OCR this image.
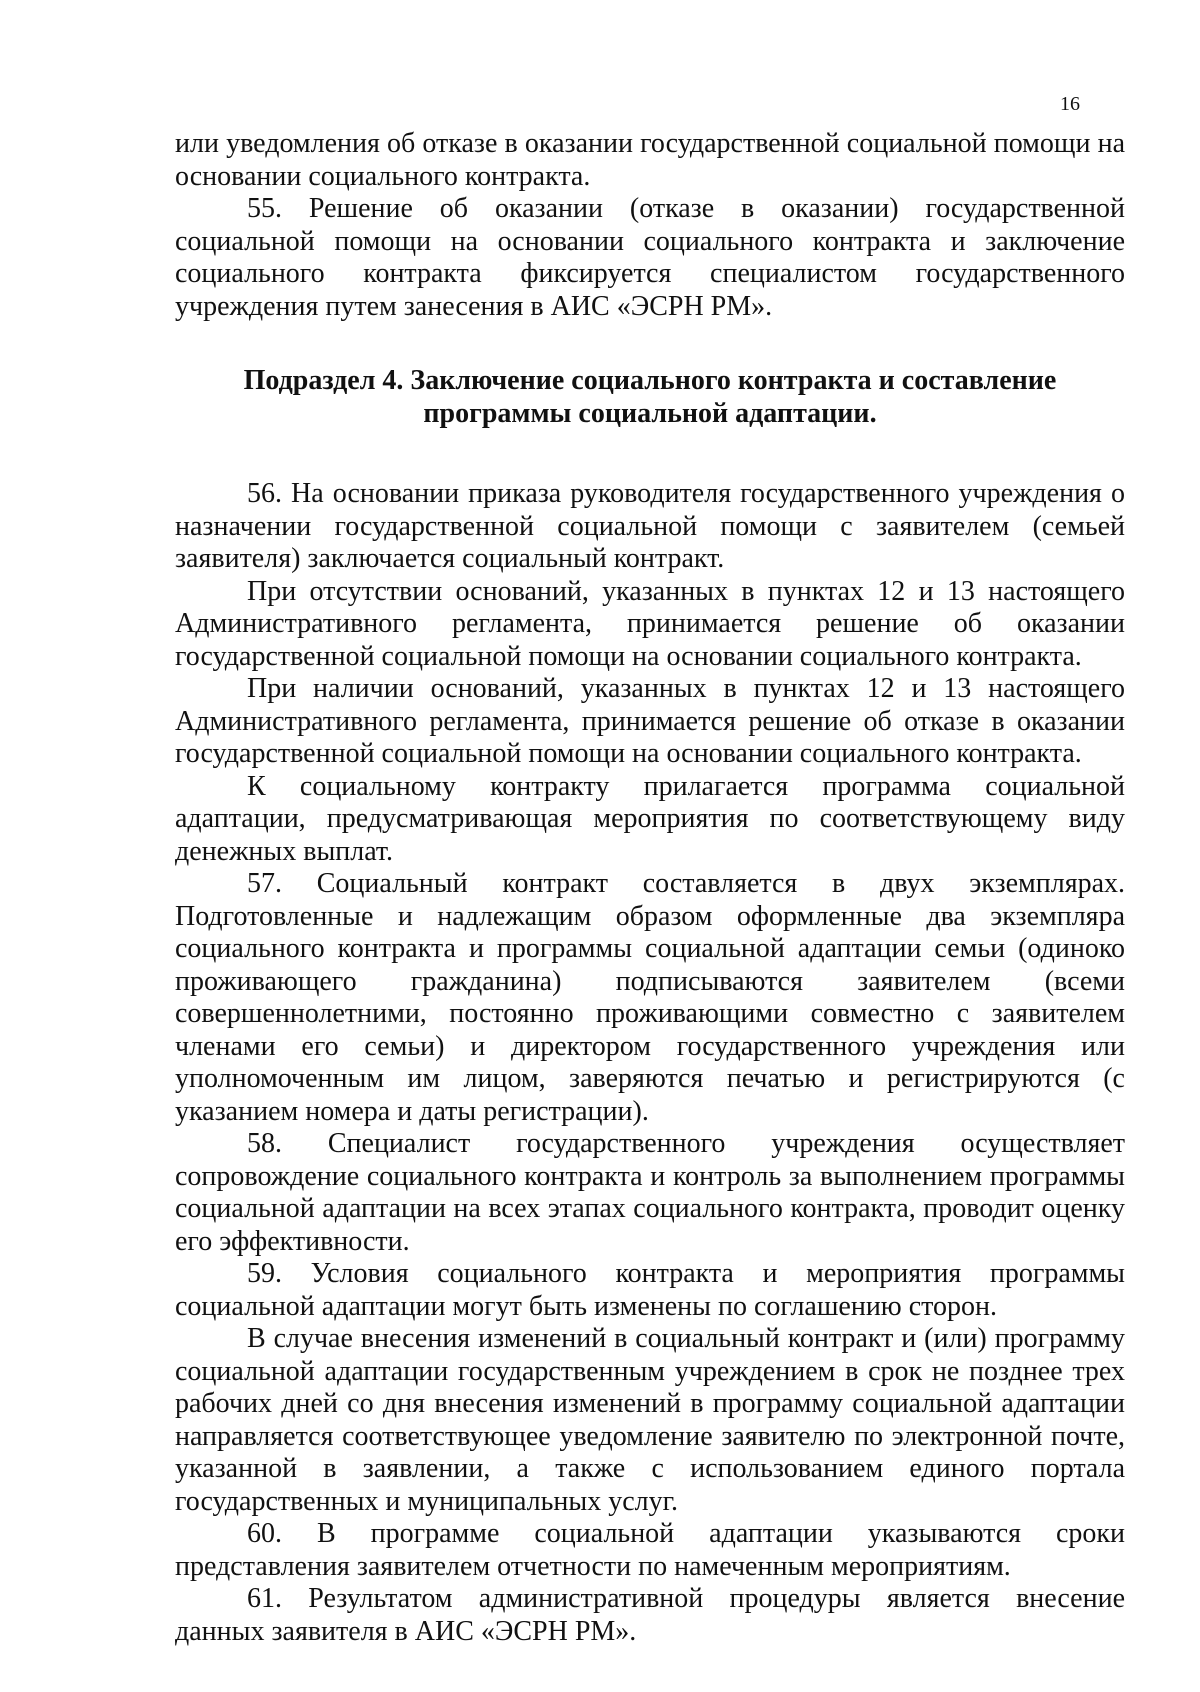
16

или уведомления об отказе в оказании государственной социальной помощи на основании социального контракта.

55. Решение об оказании (отказе в оказании) государственной социальной помощи на основании социального контракта и заключение социального контракта фиксируется специалистом государственного учреждения путем занесения в АИС «ЭСРН РМ».

Подраздел 4. Заключение социального контракта и составление
программы социальной адаптации.

56. На основании приказа руководителя государственного учреждения о назначении государственной социальной помощи с заявителем (семьей заявителя) заключается социальный контракт.

При отсутствии оснований, указанных в пунктах 12 и 13 настоящего Административного регламента, принимается решение об оказании государственной социальной помощи на основании социального контракта.

При наличии оснований, указанных в пунктах 12 и 13 настоящего Административного регламента, принимается решение об отказе в оказании государственной социальной помощи на основании социального контракта.

К социальному контракту прилагается программа социальной адаптации, предусматривающая мероприятия по соответствующему виду денежных выплат.

57. Социальный контракт составляется в двух экземплярах. Подготовленные и надлежащим образом оформленные два экземпляра социального контракта и программы социальной адаптации семьи (одиноко проживающего гражданина) подписываются заявителем (всеми совершеннолетними, постоянно проживающими совместно с заявителем членами его семьи) и директором государственного учреждения или уполномоченным им лицом, заверяются печатью и регистрируются (с указанием номера и даты регистрации).

58. Специалист государственного учреждения осуществляет сопровождение социального контракта и контроль за выполнением программы социальной адаптации на всех этапах социального контракта, проводит оценку его эффективности.

59. Условия социального контракта и мероприятия программы социальной адаптации могут быть изменены по соглашению сторон.

В случае внесения изменений в социальный контракт и (или) программу социальной адаптации государственным учреждением в срок не позднее трех рабочих дней со дня внесения изменений в программу социальной адаптации направляется соответствующее уведомление заявителю по электронной почте, указанной в заявлении, а также с использованием единого портала государственных и муниципальных услуг.

60. В программе социальной адаптации указываются сроки представления заявителем отчетности по намеченным мероприятиям.

61. Результатом административной процедуры является внесение данных заявителя в АИС «ЭСРН РМ».
